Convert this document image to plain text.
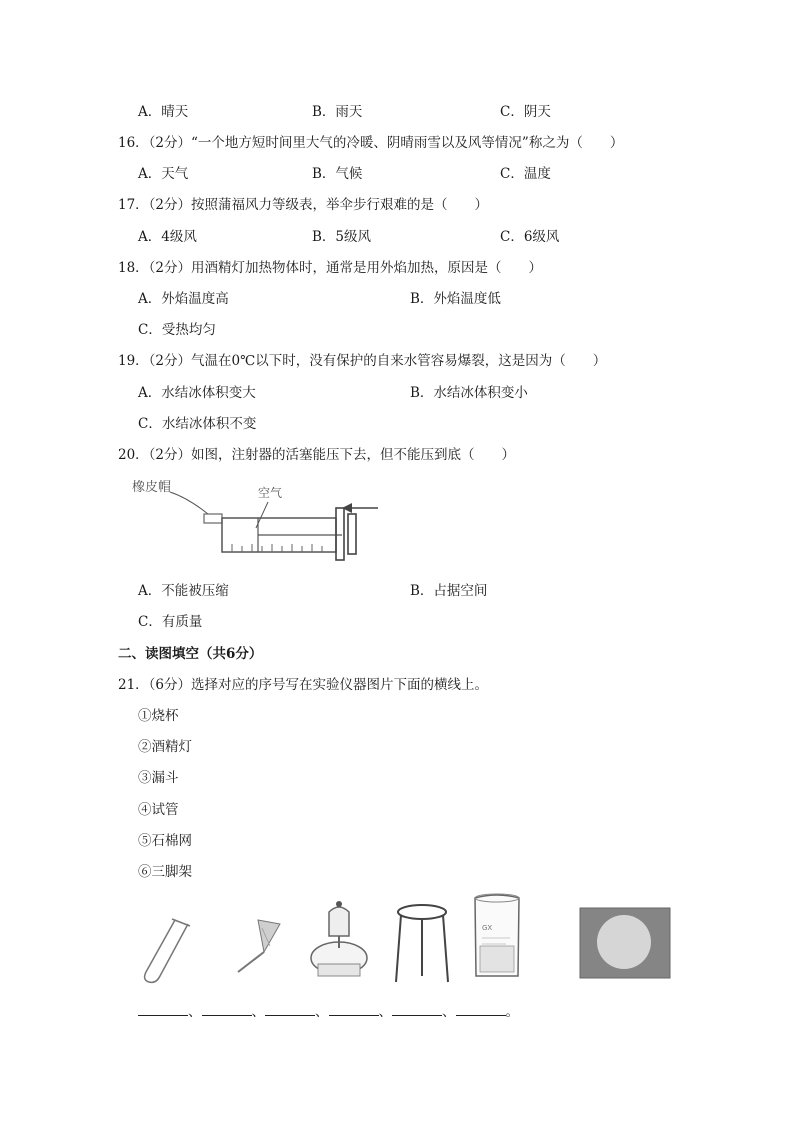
A．晴天	B．雨天	C．阴天
16．（2分）“一个地方短时间里大气的冷暖、阴晴雨雪以及风等情况”称之为（　　）
A．天气	B．气候	C．温度
17．（2分）按照蒲福风力等级表，举伞步行艰难的是（　　）
A．4级风	B．5级风	C．6级风
18．（2分）用酒精灯加热物体时，通常是用外焰加热，原因是（　　）
A．外焰温度高	B．外焰温度低
C．受热均匀
19．（2分）气温在0℃以下时，没有保护的自来水管容易爆裂，这是因为（　　）
A．水结冰体积变大	B．水结冰体积变小
C．水结冰体积不变
20．（2分）如图，注射器的活塞能压下去，但不能压到底（　　）
橡皮帽	空气
A．不能被压缩	B．占据空间
C．有质量
二、读图填空（共6分）
21．（6分）选择对应的序号写在实验仪器图片下面的横线上。
①烧杯
②酒精灯
③漏斗
④试管
⑤石棉网
⑥三脚架
GX
、	、	、	、	、	。
